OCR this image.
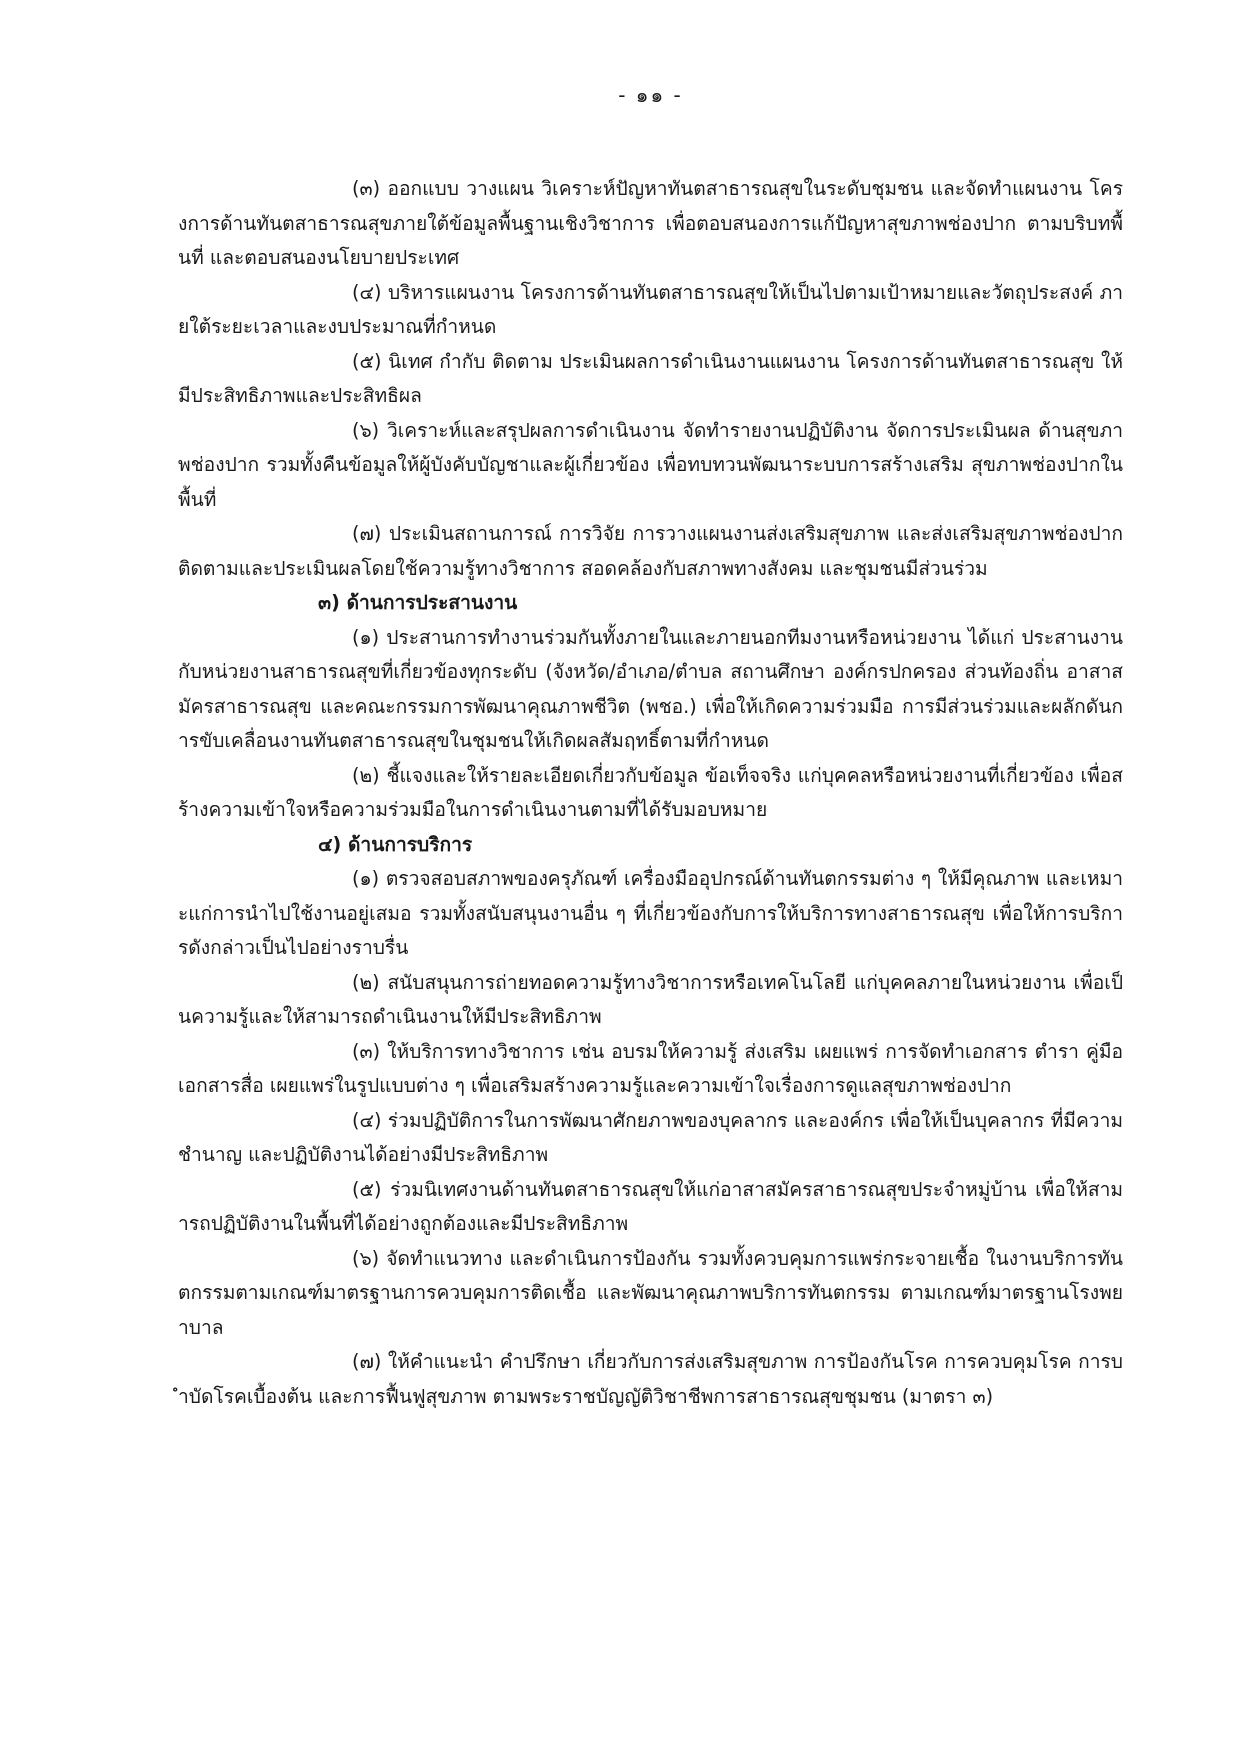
- ๑๑ -

(๓) ออกแบบ วางแผน วิเคราะห์ปัญหาทันตสาธารณสุขในระดับชุมชน และจัดทำแผนงาน โครงการด้านทันตสาธารณสุขภายใต้ข้อมูลพื้นฐานเชิงวิชาการ เพื่อตอบสนองการแก้ปัญหาสุขภาพช่องปาก ตามบริบทพื้นที่ และตอบสนองนโยบายประเทศ

(๔) บริหารแผนงาน โครงการด้านทันตสาธารณสุขให้เป็นไปตามเป้าหมายและวัตถุประสงค์ ภายใต้ระยะเวลาและงบประมาณที่กำหนด

(๕) นิเทศ กำกับ ติดตาม ประเมินผลการดำเนินงานแผนงาน โครงการด้านทันตสาธารณสุข ให้มีประสิทธิภาพและประสิทธิผล

(๖) วิเคราะห์และสรุปผลการดำเนินงาน จัดทำรายงานปฏิบัติงาน จัดการประเมินผล ด้านสุขภาพช่องปาก รวมทั้งคืนข้อมูลให้ผู้บังคับบัญชาและผู้เกี่ยวข้อง เพื่อทบทวนพัฒนาระบบการสร้างเสริม สุขภาพช่องปากในพื้นที่

(๗) ประเมินสถานการณ์ การวิจัย การวางแผนงานส่งเสริมสุขภาพ และส่งเสริมสุขภาพช่องปาก ติดตามและประเมินผลโดยใช้ความรู้ทางวิชาการ สอดคล้องกับสภาพทางสังคม และชุมชนมีส่วนร่วม

๓) ด้านการประสานงาน

(๑) ประสานการทำงานร่วมกันทั้งภายในและภายนอกทีมงานหรือหน่วยงาน ได้แก่ ประสานงานกับหน่วยงานสาธารณสุขที่เกี่ยวข้องทุกระดับ (จังหวัด/อำเภอ/ตำบล สถานศึกษา องค์กรปกครอง ส่วนท้องถิ่น อาสาสมัครสาธารณสุข และคณะกรรมการพัฒนาคุณภาพชีวิต (พชอ.) เพื่อให้เกิดความร่วมมือ การมีส่วนร่วมและผลักดันการขับเคลื่อนงานทันตสาธารณสุขในชุมชนให้เกิดผลสัมฤทธิ์ตามที่กำหนด

(๒) ชี้แจงและให้รายละเอียดเกี่ยวกับข้อมูล ข้อเท็จจริง แก่บุคคลหรือหน่วยงานที่เกี่ยวข้อง เพื่อสร้างความเข้าใจหรือความร่วมมือในการดำเนินงานตามที่ได้รับมอบหมาย

๔) ด้านการบริการ

(๑) ตรวจสอบสภาพของครุภัณฑ์ เครื่องมืออุปกรณ์ด้านทันตกรรมต่าง ๆ ให้มีคุณภาพ และเหมาะแก่การนำไปใช้งานอยู่เสมอ รวมทั้งสนับสนุนงานอื่น ๆ ที่เกี่ยวข้องกับการให้บริการทางสาธารณสุข เพื่อให้การบริการดังกล่าวเป็นไปอย่างราบรื่น

(๒) สนับสนุนการถ่ายทอดความรู้ทางวิชาการหรือเทคโนโลยี แก่บุคคลภายในหน่วยงาน เพื่อเป็นความรู้และให้สามารถดำเนินงานให้มีประสิทธิภาพ

(๓) ให้บริการทางวิชาการ เช่น อบรมให้ความรู้ ส่งเสริม เผยแพร่ การจัดทำเอกสาร ตำรา คู่มือ เอกสารสื่อ เผยแพร่ในรูปแบบต่าง ๆ เพื่อเสริมสร้างความรู้และความเข้าใจเรื่องการดูแลสุขภาพช่องปาก

(๔) ร่วมปฏิบัติการในการพัฒนาศักยภาพของบุคลากร และองค์กร เพื่อให้เป็นบุคลากร ที่มีความชำนาญ และปฏิบัติงานได้อย่างมีประสิทธิภาพ

(๕) ร่วมนิเทศงานด้านทันตสาธารณสุขให้แก่อาสาสมัครสาธารณสุขประจำหมู่บ้าน เพื่อให้สามารถปฏิบัติงานในพื้นที่ได้อย่างถูกต้องและมีประสิทธิภาพ

(๖) จัดทำแนวทาง และดำเนินการป้องกัน รวมทั้งควบคุมการแพร่กระจายเชื้อ ในงานบริการทันตกรรมตามเกณฑ์มาตรฐานการควบคุมการติดเชื้อ และพัฒนาคุณภาพบริการทันตกรรม ตามเกณฑ์มาตรฐานโรงพยาบาล

(๗) ให้คำแนะนำ คำปรึกษา เกี่ยวกับการส่งเสริมสุขภาพ การป้องกันโรค การควบคุมโรค การบำบัดโรคเบื้องต้น และการฟื้นฟูสุขภาพ ตามพระราชบัญญัติวิชาชีพการสาธารณสุขชุมชน (มาตรา ๓)
